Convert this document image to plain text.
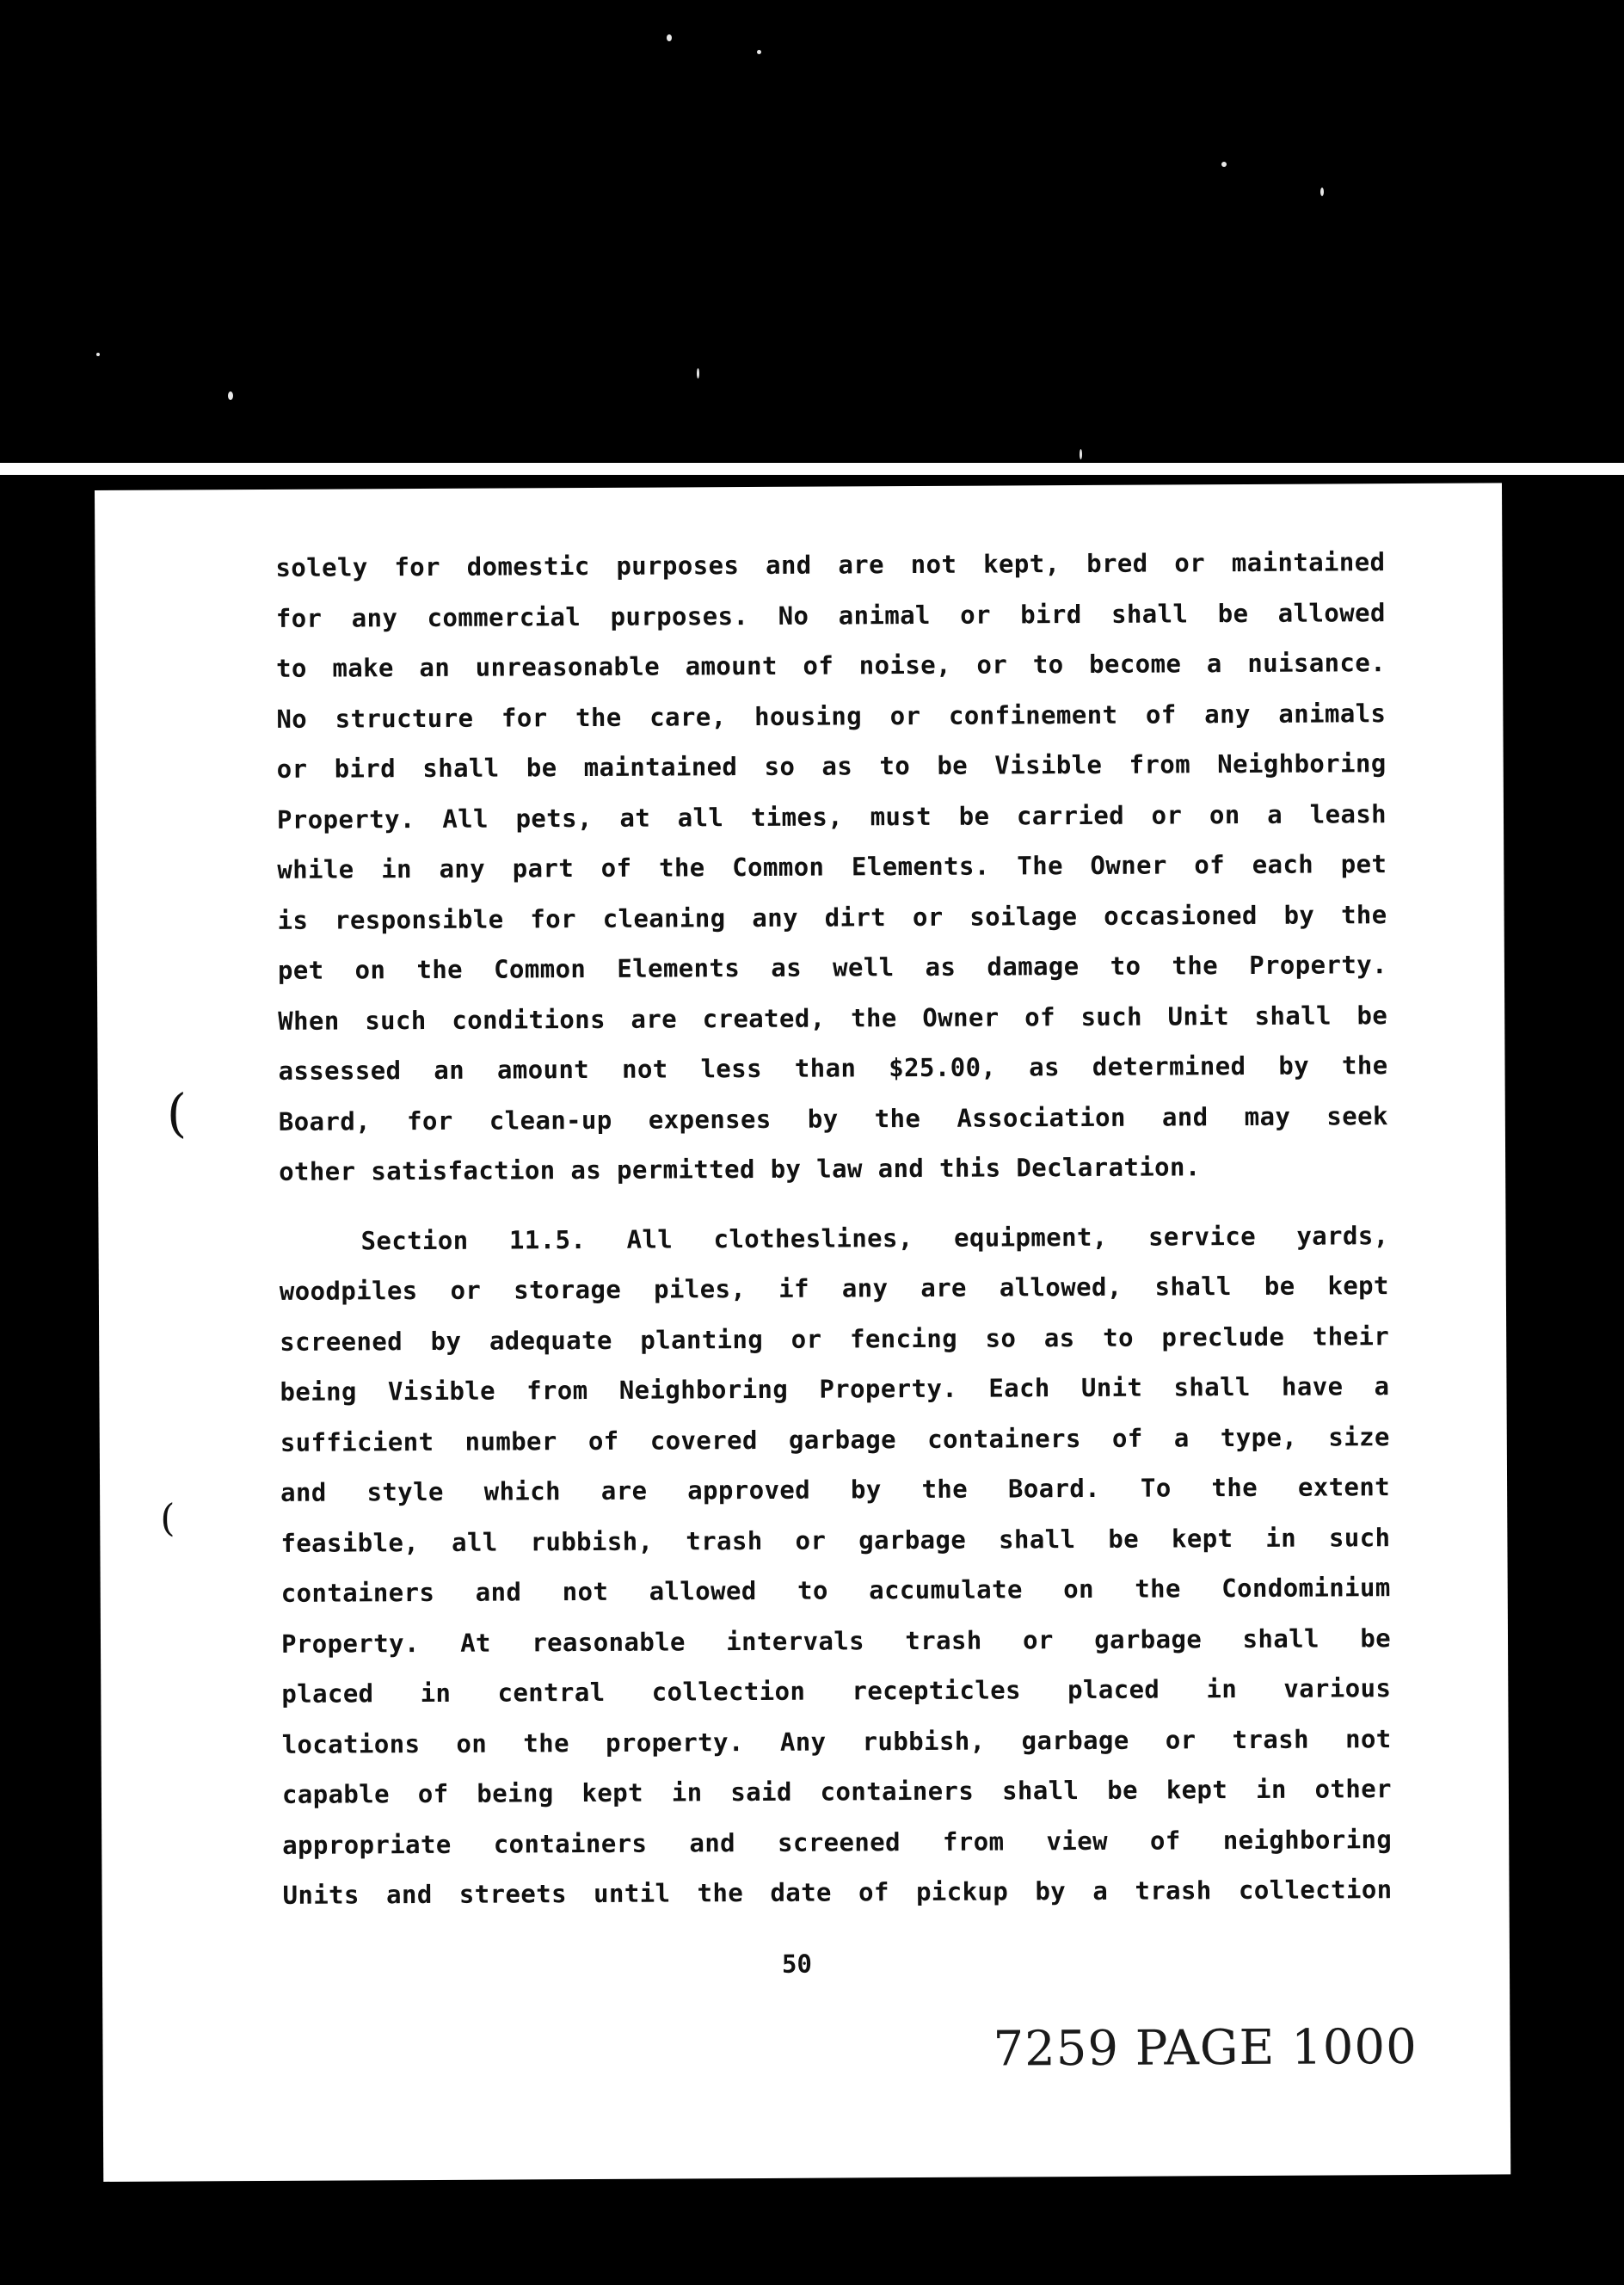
(
(
solely for domestic purposes and are not kept, bred or maintained
for any commercial purposes. No animal or bird shall be allowed
to make an unreasonable amount of noise, or to become a nuisance.
No structure for the care, housing or confinement of any animals
or bird shall be maintained so as to be Visible from Neighboring
Property. All pets, at all times, must be carried or on a leash
while in any part of the Common Elements. The Owner of each pet
is responsible for cleaning any dirt or soilage occasioned by the
pet on the Common Elements as well as damage to the Property.
When such conditions are created, the Owner of such Unit shall be
assessed an amount not less than $25.00, as determined by the
Board, for clean-up expenses by the Association and may seek
other satisfaction as permitted by law and this Declaration.
Section 11.5. All clotheslines, equipment, service yards,
woodpiles or storage piles, if any are allowed, shall be kept
screened by adequate planting or fencing so as to preclude their
being Visible from Neighboring Property. Each Unit shall have a
sufficient number of covered garbage containers of a type, size
and style which are approved by the Board. To the extent
feasible, all rubbish, trash or garbage shall be kept in such
containers and not allowed to accumulate on the Condominium
Property. At reasonable intervals trash or garbage shall be
placed in central collection recepticles placed in various
locations on the property. Any rubbish, garbage or trash not
capable of being kept in said containers shall be kept in other
appropriate containers and screened from view of neighboring
Units and streets until the date of pickup by a trash collection
50
7259 PAGE 1000
